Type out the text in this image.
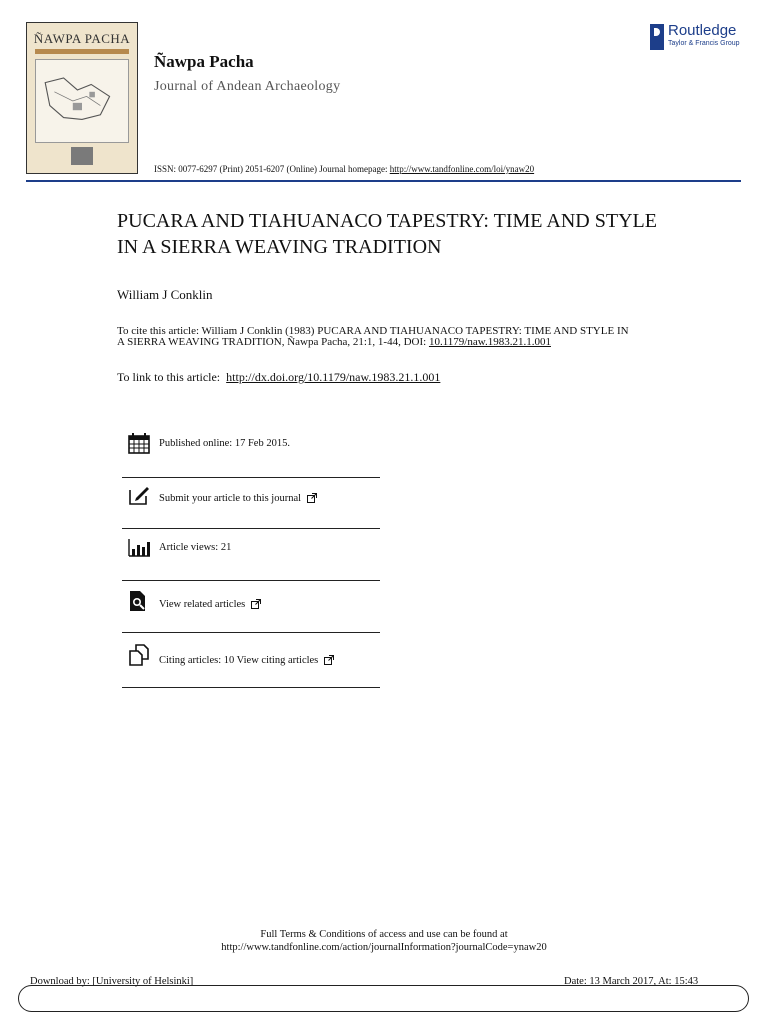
ÑAWPA PACHA
Ñawpa Pacha
Journal of Andean Archaeology
Routledge
Taylor & Francis Group
ISSN: 0077-6297 (Print) 2051-6207 (Online) Journal homepage: http://www.tandfonline.com/loi/ynaw20
PUCARA AND TIAHUANACO TAPESTRY: TIME AND STYLE IN A SIERRA WEAVING TRADITION
William J Conklin
To cite this article: William J Conklin (1983) PUCARA AND TIAHUANACO TAPESTRY: TIME AND STYLE IN A SIERRA WEAVING TRADITION, Ñawpa Pacha, 21:1, 1-44, DOI: 10.1179/naw.1983.21.1.001
To link to this article: http://dx.doi.org/10.1179/naw.1983.21.1.001
Published online: 17 Feb 2015.
Submit your article to this journal
Article views: 21
View related articles
Citing articles: 10 View citing articles
Full Terms & Conditions of access and use can be found at
http://www.tandfonline.com/action/journalInformation?journalCode=ynaw20
Download by: [University of Helsinki]	Date: 13 March 2017, At: 15:43
